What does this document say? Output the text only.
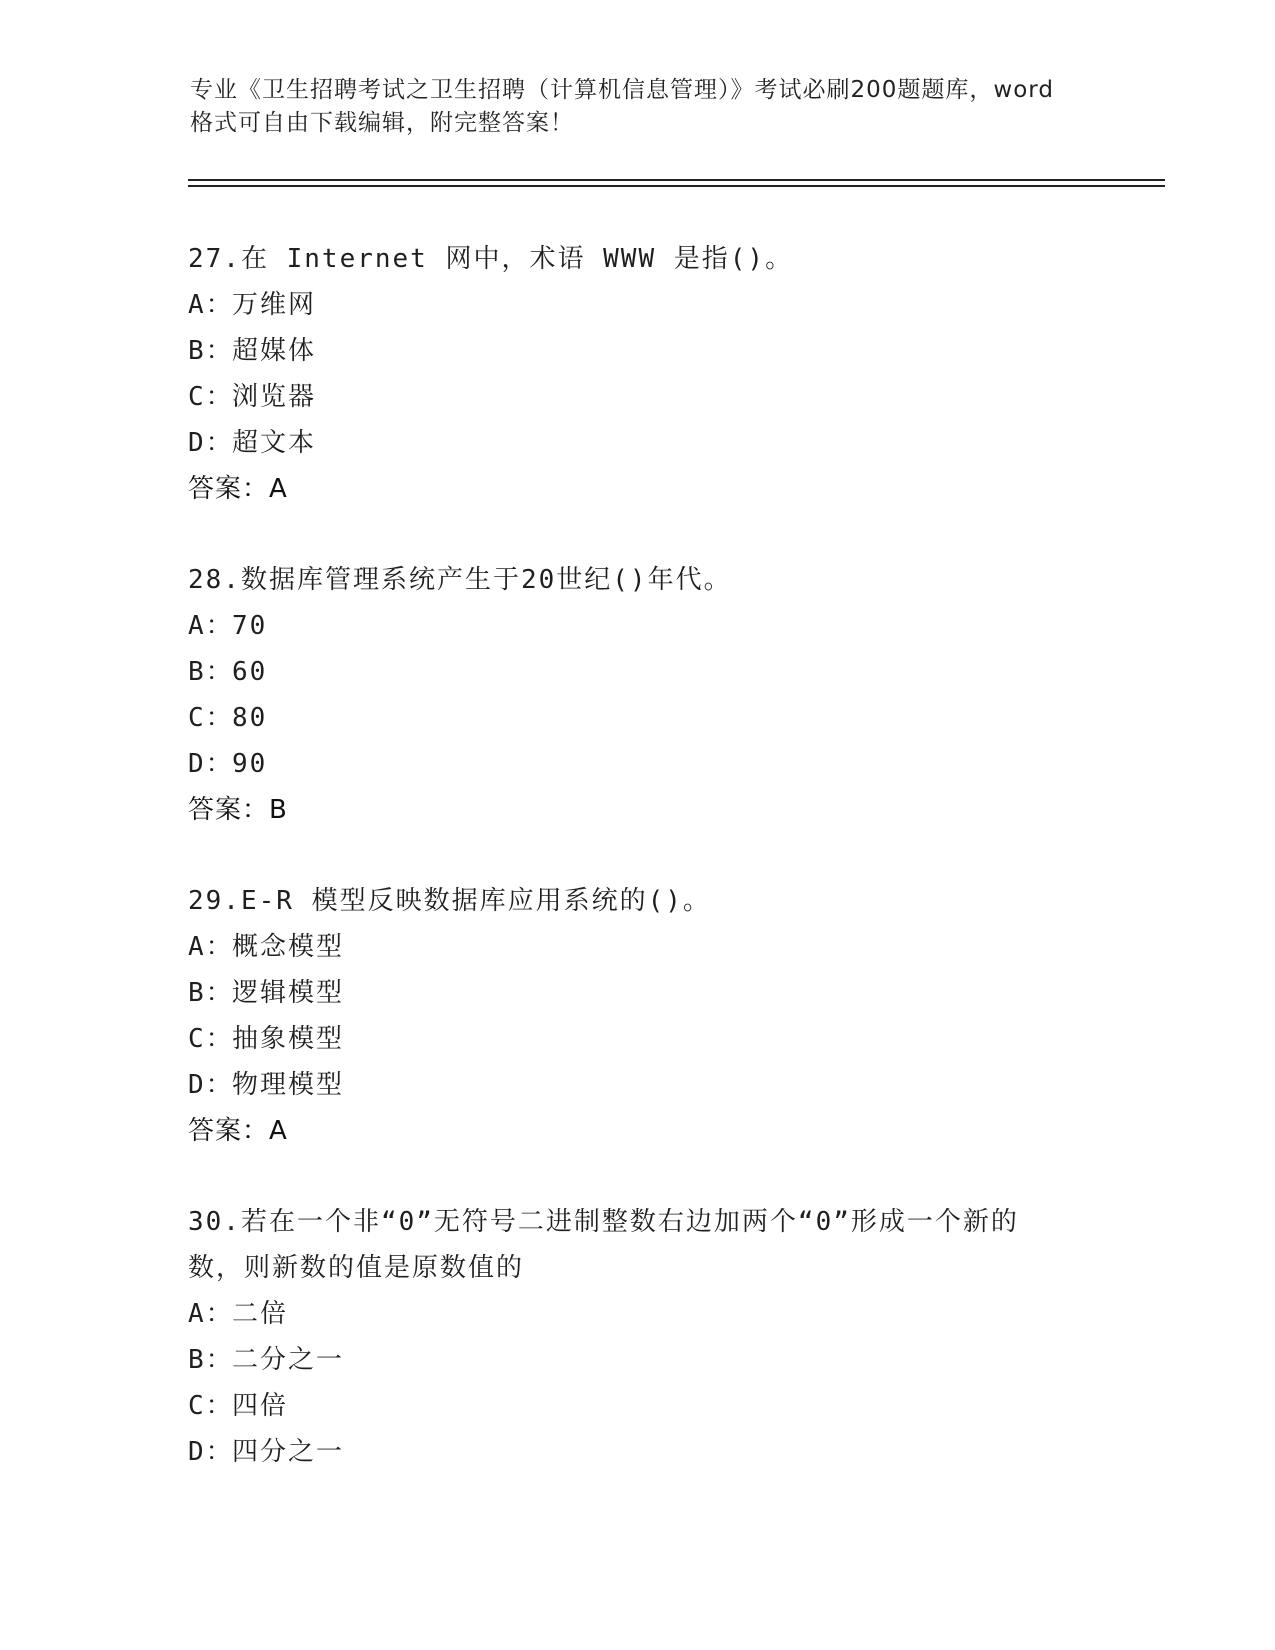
专业《卫生招聘考试之卫生招聘（计算机信息管理）》考试必刷200题题库，word
格式可自由下载编辑，附完整答案！
27.在 Internet 网中，术语 WWW 是指()。
A：
万维网
B：
超媒体
C：
浏览器
D：
超文本
答案：A
28.数据库管理系统产生于20世纪()年代。
A：
70
B：
60
C：
80
D：
90
答案：B
29.E-R 模型反映数据库应用系统的()。
A：
概念模型
B：
逻辑模型
C：
抽象模型
D：
物理模型
答案：A
30.若在一个非“0”无符号二进制整数右边加两个“0”形成一个新的
数，则新数的值是原数值的
A：
二倍
B：
二分之一
C：
四倍
D：
四分之一
